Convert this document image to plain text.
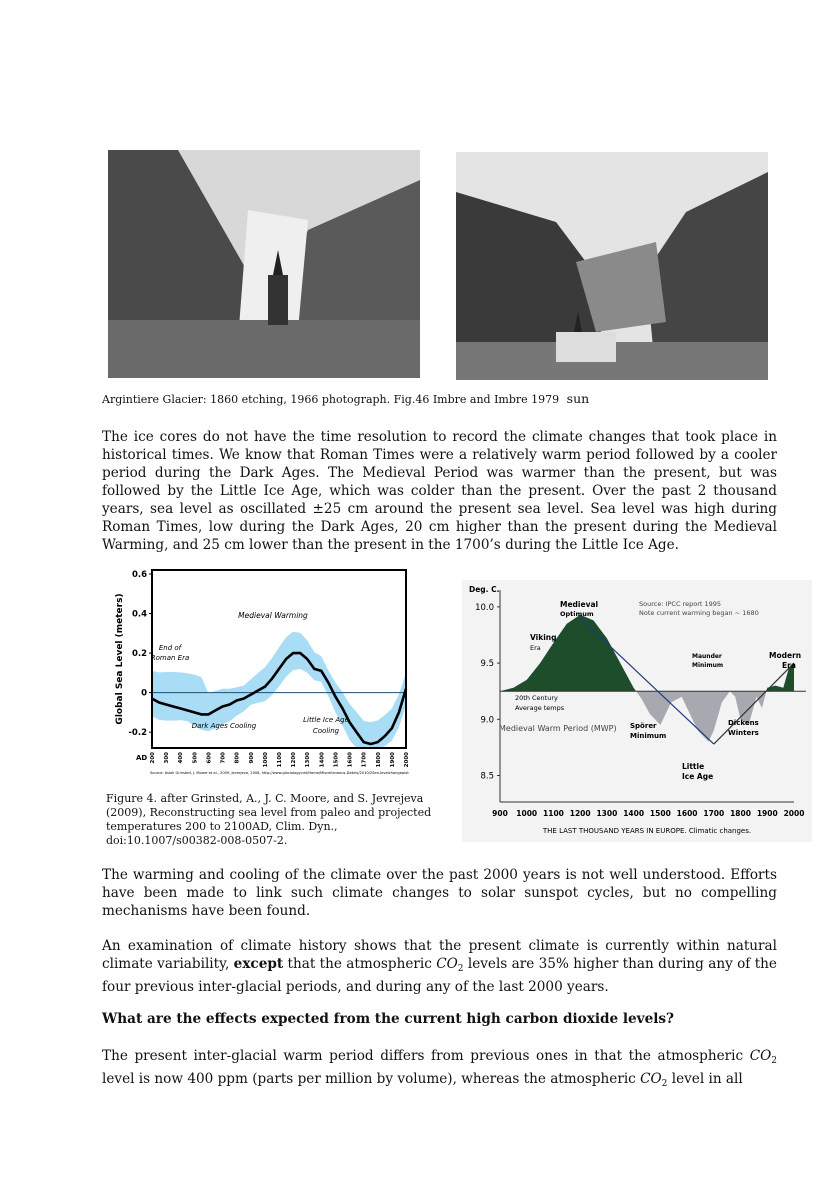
Argintiere Glacier: 1860 etching, 1966 photograph. Fig.46 Imbre and Imbre 1979 sun
The ice cores do not have the time resolution to record the climate changes that took place in historical times. We know that Roman Times were a relatively warm period followed by a cooler period during the Dark Ages. The Medieval Period was warmer than the present, but was followed by the Little Ice Age, which was colder than the present. Over the past 2 thousand years, sea level as oscillated ±25 cm around the present sea level. Sea level was high during Roman Times, low during the Dark Ages, 20 cm higher than the present during the Medieval Warming, and 25 cm lower than the present in the 1700’s during the Little Ice Age.
0.6
0.4
0.2
0
-0.2
200 300 400 500 600 700 800 900 1000 1100 1200 1300 1400 1500 1600 1700 1800 1900 2000
AD
Global Sea Level (meters)	Medieval Warming
End of
Roman Era
Dark Ages Cooling
Little Ice Age
Cooling
Source: Aslak Grinsted, J. Moore et al., 2009, Jevrejeva, 2008, http://www.glaciology.net/Home/Miscellaneous-Debris/2010/2Sea-levelchangeplot
Figure 4. after Grinsted, A., J. C. Moore, and S. Jevrejeva (2009), Reconstructing sea level from paleo and projected temperatures 200 to 2100AD, Clim. Dyn., doi:10.1007/s00382-008-0507-2.
10.0
9.5
9.0
8.5
900 1000 1100 1200 1300 1400 1500 1600 1700 1800 1900 2000
Deg. C.
THE LAST THOUSAND YEARS IN EUROPE. Climatic changes.
Source: IPCC report 1995
Note current warming began ~ 1680
Medieval
Optimum
Viking
Era
Maunder
Minimum
Modern
Era
20th Century
Average temps
Medieval Warm Period (MWP) Spörer
Minimum
Dickens
Winters
Little
Ice Age
The warming and cooling of the climate over the past 2000 years is not well understood. Efforts have been made to link such climate changes to solar sunspot cycles, but no compelling mechanisms have been found.
An examination of climate history shows that the present climate is currently within natural climate variability, except that the atmospheric $CO_2$ levels are 35% higher than during any of the four previous inter-glacial periods, and during any of the last 2000 years.
What are the effects expected from the current high carbon dioxide levels?
The present inter-glacial warm period differs from previous ones in that the atmospheric $CO_2$ level is now 400 ppm (parts per million by volume), whereas the atmospheric $CO_2$ level in all
